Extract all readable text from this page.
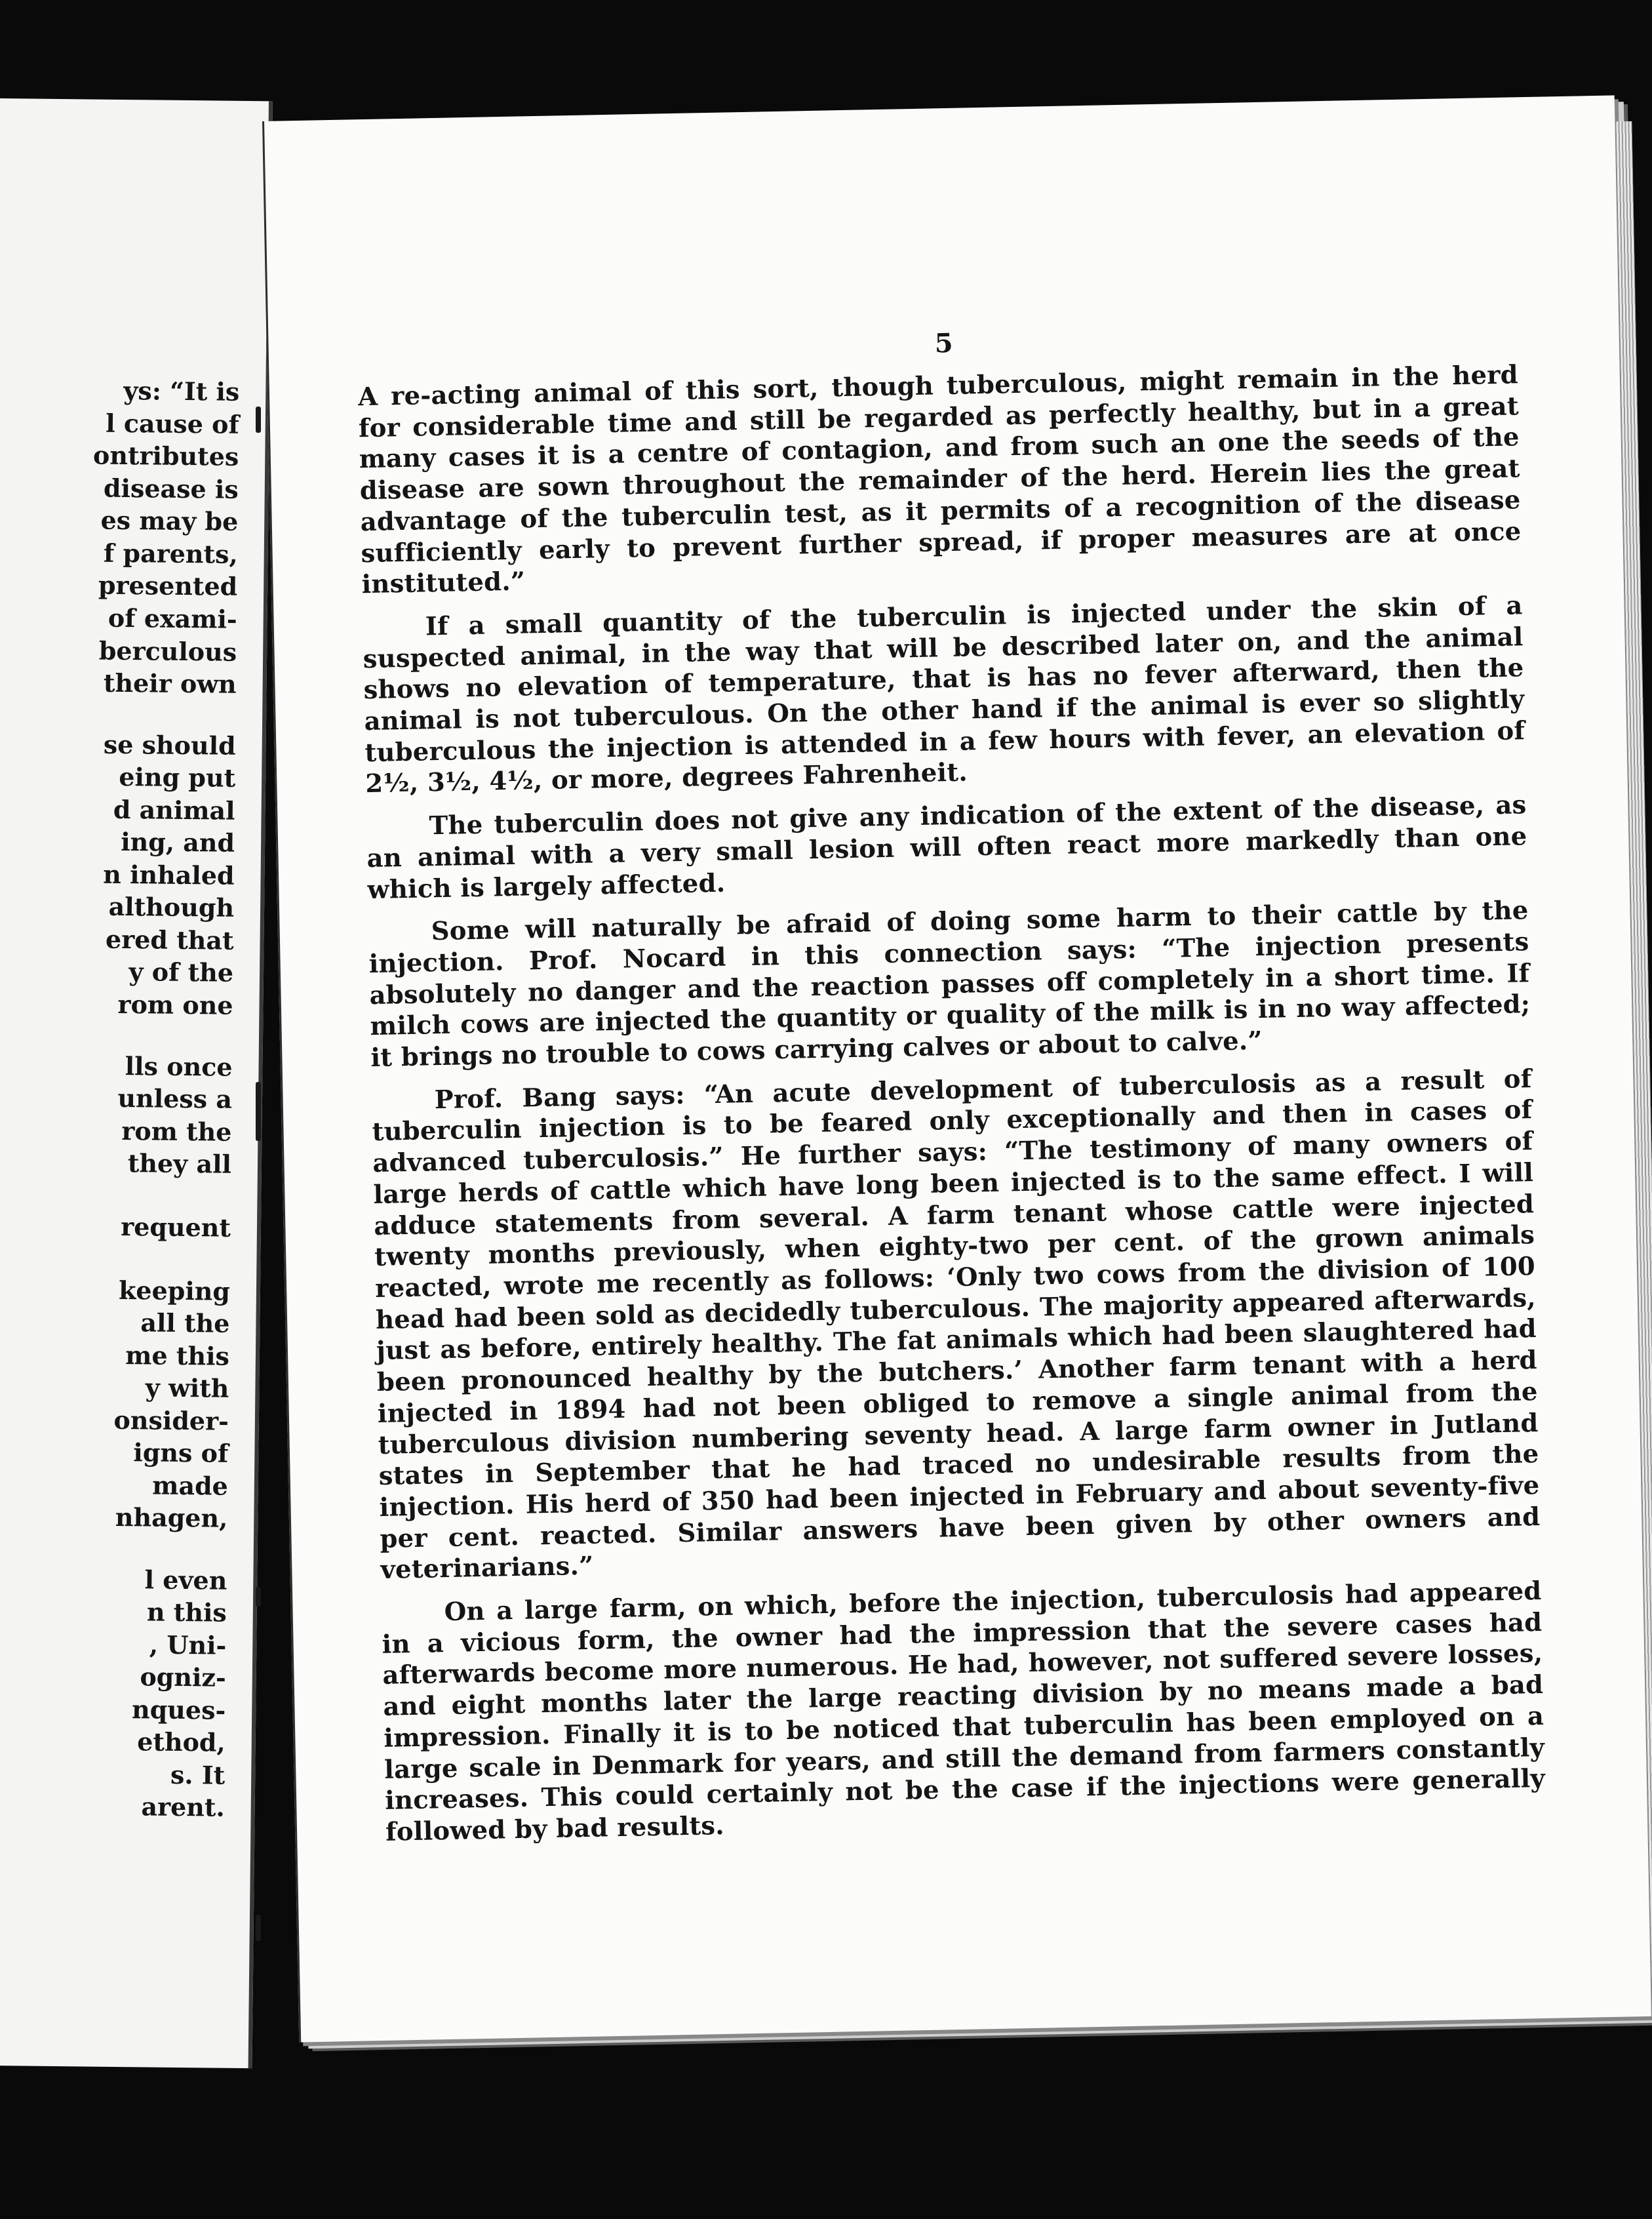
ys: “It is
l cause of
ontributes
disease is
es may be
f parents,
presented
of exami-
berculous
their own
se should
eing put
d animal
ing, and
n inhaled
although
ered that
y of the
rom one
lls once
unless a
rom the
they all
requent
keeping
all the
me this
y with
onsider-
igns of
made
nhagen,
l even
n this
, Uni-
ogniz-
nques-
ethod,
s. It
arent.
5

A re-acting animal of this sort, though tuberculous, might remain in the herd for considerable time and still be regarded as perfectly healthy, but in a great many cases it is a centre of contagion, and from such an one the seeds of the disease are sown throughout the remainder of the herd. Herein lies the great advantage of the tuberculin test, as it permits of a recognition of the disease sufficiently early to prevent further spread, if proper measures are at once instituted.”

If a small quantity of the tuberculin is injected under the skin of a suspected animal, in the way that will be described later on, and the animal shows no elevation of temperature, that is has no fever afterward, then the animal is not tuberculous. On the other hand if the animal is ever so slightly tuberculous the injection is attended in a few hours with fever, an elevation of 2½, 3½, 4½, or more, degrees Fahrenheit.

The tuberculin does not give any indication of the extent of the disease, as an animal with a very small lesion will often react more markedly than one which is largely affected.

Some will naturally be afraid of doing some harm to their cattle by the injection. Prof. Nocard in this connection says: “The injection presents absolutely no danger and the reaction passes off completely in a short time. If milch cows are injected the quantity or quality of the milk is in no way affected; it brings no trouble to cows carrying calves or about to calve.”

Prof. Bang says: “An acute development of tuberculosis as a result of tuberculin injection is to be feared only exceptionally and then in cases of advanced tuberculosis.” He further says: “The testimony of many owners of large herds of cattle which have long been injected is to the same effect. I will adduce statements from several. A farm tenant whose cattle were injected twenty months previously, when eighty-two per cent. of the grown animals reacted, wrote me recently as follows: ‘Only two cows from the division of 100 head had been sold as decidedly tuberculous. The majority appeared afterwards, just as before, entirely healthy. The fat animals which had been slaughtered had been pronounced healthy by the butchers.’ Another farm tenant with a herd injected in 1894 had not been obliged to remove a single animal from the tuberculous division numbering seventy head. A large farm owner in Jutland states in September that he had traced no undesirable results from the injection. His herd of 350 had been injected in February and about seventy-five per cent. reacted. Similar answers have been given by other owners and veterinarians.”

On a large farm, on which, before the injection, tuberculosis had appeared in a vicious form, the owner had the impression that the severe cases had afterwards become more numerous. He had, however, not suffered severe losses, and eight months later the large reacting division by no means made a bad impression. Finally it is to be noticed that tuberculin has been employed on a large scale in Denmark for years, and still the demand from farmers constantly increases. This could certainly not be the case if the injections were generally followed by bad results.
